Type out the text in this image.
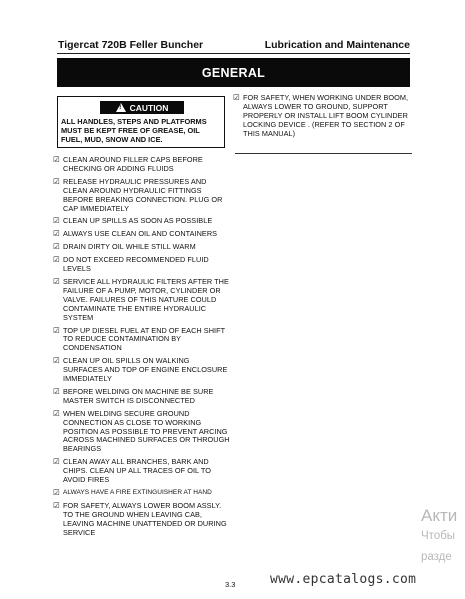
Tigercat 720B Feller Buncher	Lubrication and Maintenance
GENERAL
!
CAUTION
ALL HANDLES, STEPS AND PLATFORMS MUST BE KEPT FREE OF GREASE, OIL FUEL, MUD, SNOW AND ICE.
☑ CLEAN AROUND FILLER CAPS BEFORE CHECKING OR ADDING FLUIDS
☑ RELEASE HYDRAULIC PRESSURES AND CLEAN AROUND HYDRAULIC FITTINGS BEFORE BREAKING CONNECTION. PLUG OR CAP IMMEDIATELY
☑ CLEAN UP SPILLS AS SOON AS POSSIBLE
☑ ALWAYS USE CLEAN OIL AND CONTAINERS
☑ DRAIN DIRTY OIL WHILE STILL WARM
☑ DO NOT EXCEED RECOMMENDED FLUID LEVELS
☑ SERVICE ALL HYDRAULIC FILTERS AFTER THE FAILURE OF A PUMP, MOTOR, CYLINDER OR VALVE. FAILURES OF THIS NATURE COULD CONTAMINATE THE ENTIRE HYDRAULIC SYSTEM
☑ TOP UP DIESEL FUEL AT END OF EACH SHIFT TO REDUCE CONTAMINATION BY CONDENSATION
☑ CLEAN UP OIL SPILLS ON WALKING SURFACES AND TOP OF ENGINE ENCLOSURE IMMEDIATELY
☑ BEFORE WELDING ON MACHINE BE SURE MASTER SWITCH IS DISCONNECTED
☑ WHEN WELDING SECURE GROUND CONNECTION AS CLOSE TO WORKING POSITION AS POSSIBLE TO PREVENT ARCING ACROSS MACHINED SURFACES OR THROUGH BEARINGS
☑ CLEAN AWAY ALL BRANCHES, BARK AND CHIPS. CLEAN UP ALL TRACES OF OIL TO AVOID FIRES
☑ ALWAYS HAVE A FIRE EXTINGUISHER AT HAND
☑ FOR SAFETY, ALWAYS LOWER BOOM ASSLY. TO THE GROUND WHEN LEAVING CAB, LEAVING MACHINE UNATTENDED OR DURING SERVICE
☑ FOR SAFETY, WHEN WORKING UNDER BOOM, ALWAYS LOWER TO GROUND, SUPPORT PROPERLY OR INSTALL LIFT BOOM CYLINDER LOCKING DEVICE . (REFER TO SECTION 2 OF THIS MANUAL)
3.3	www.epcatalogs.com
Акти
Чтобы
разде
